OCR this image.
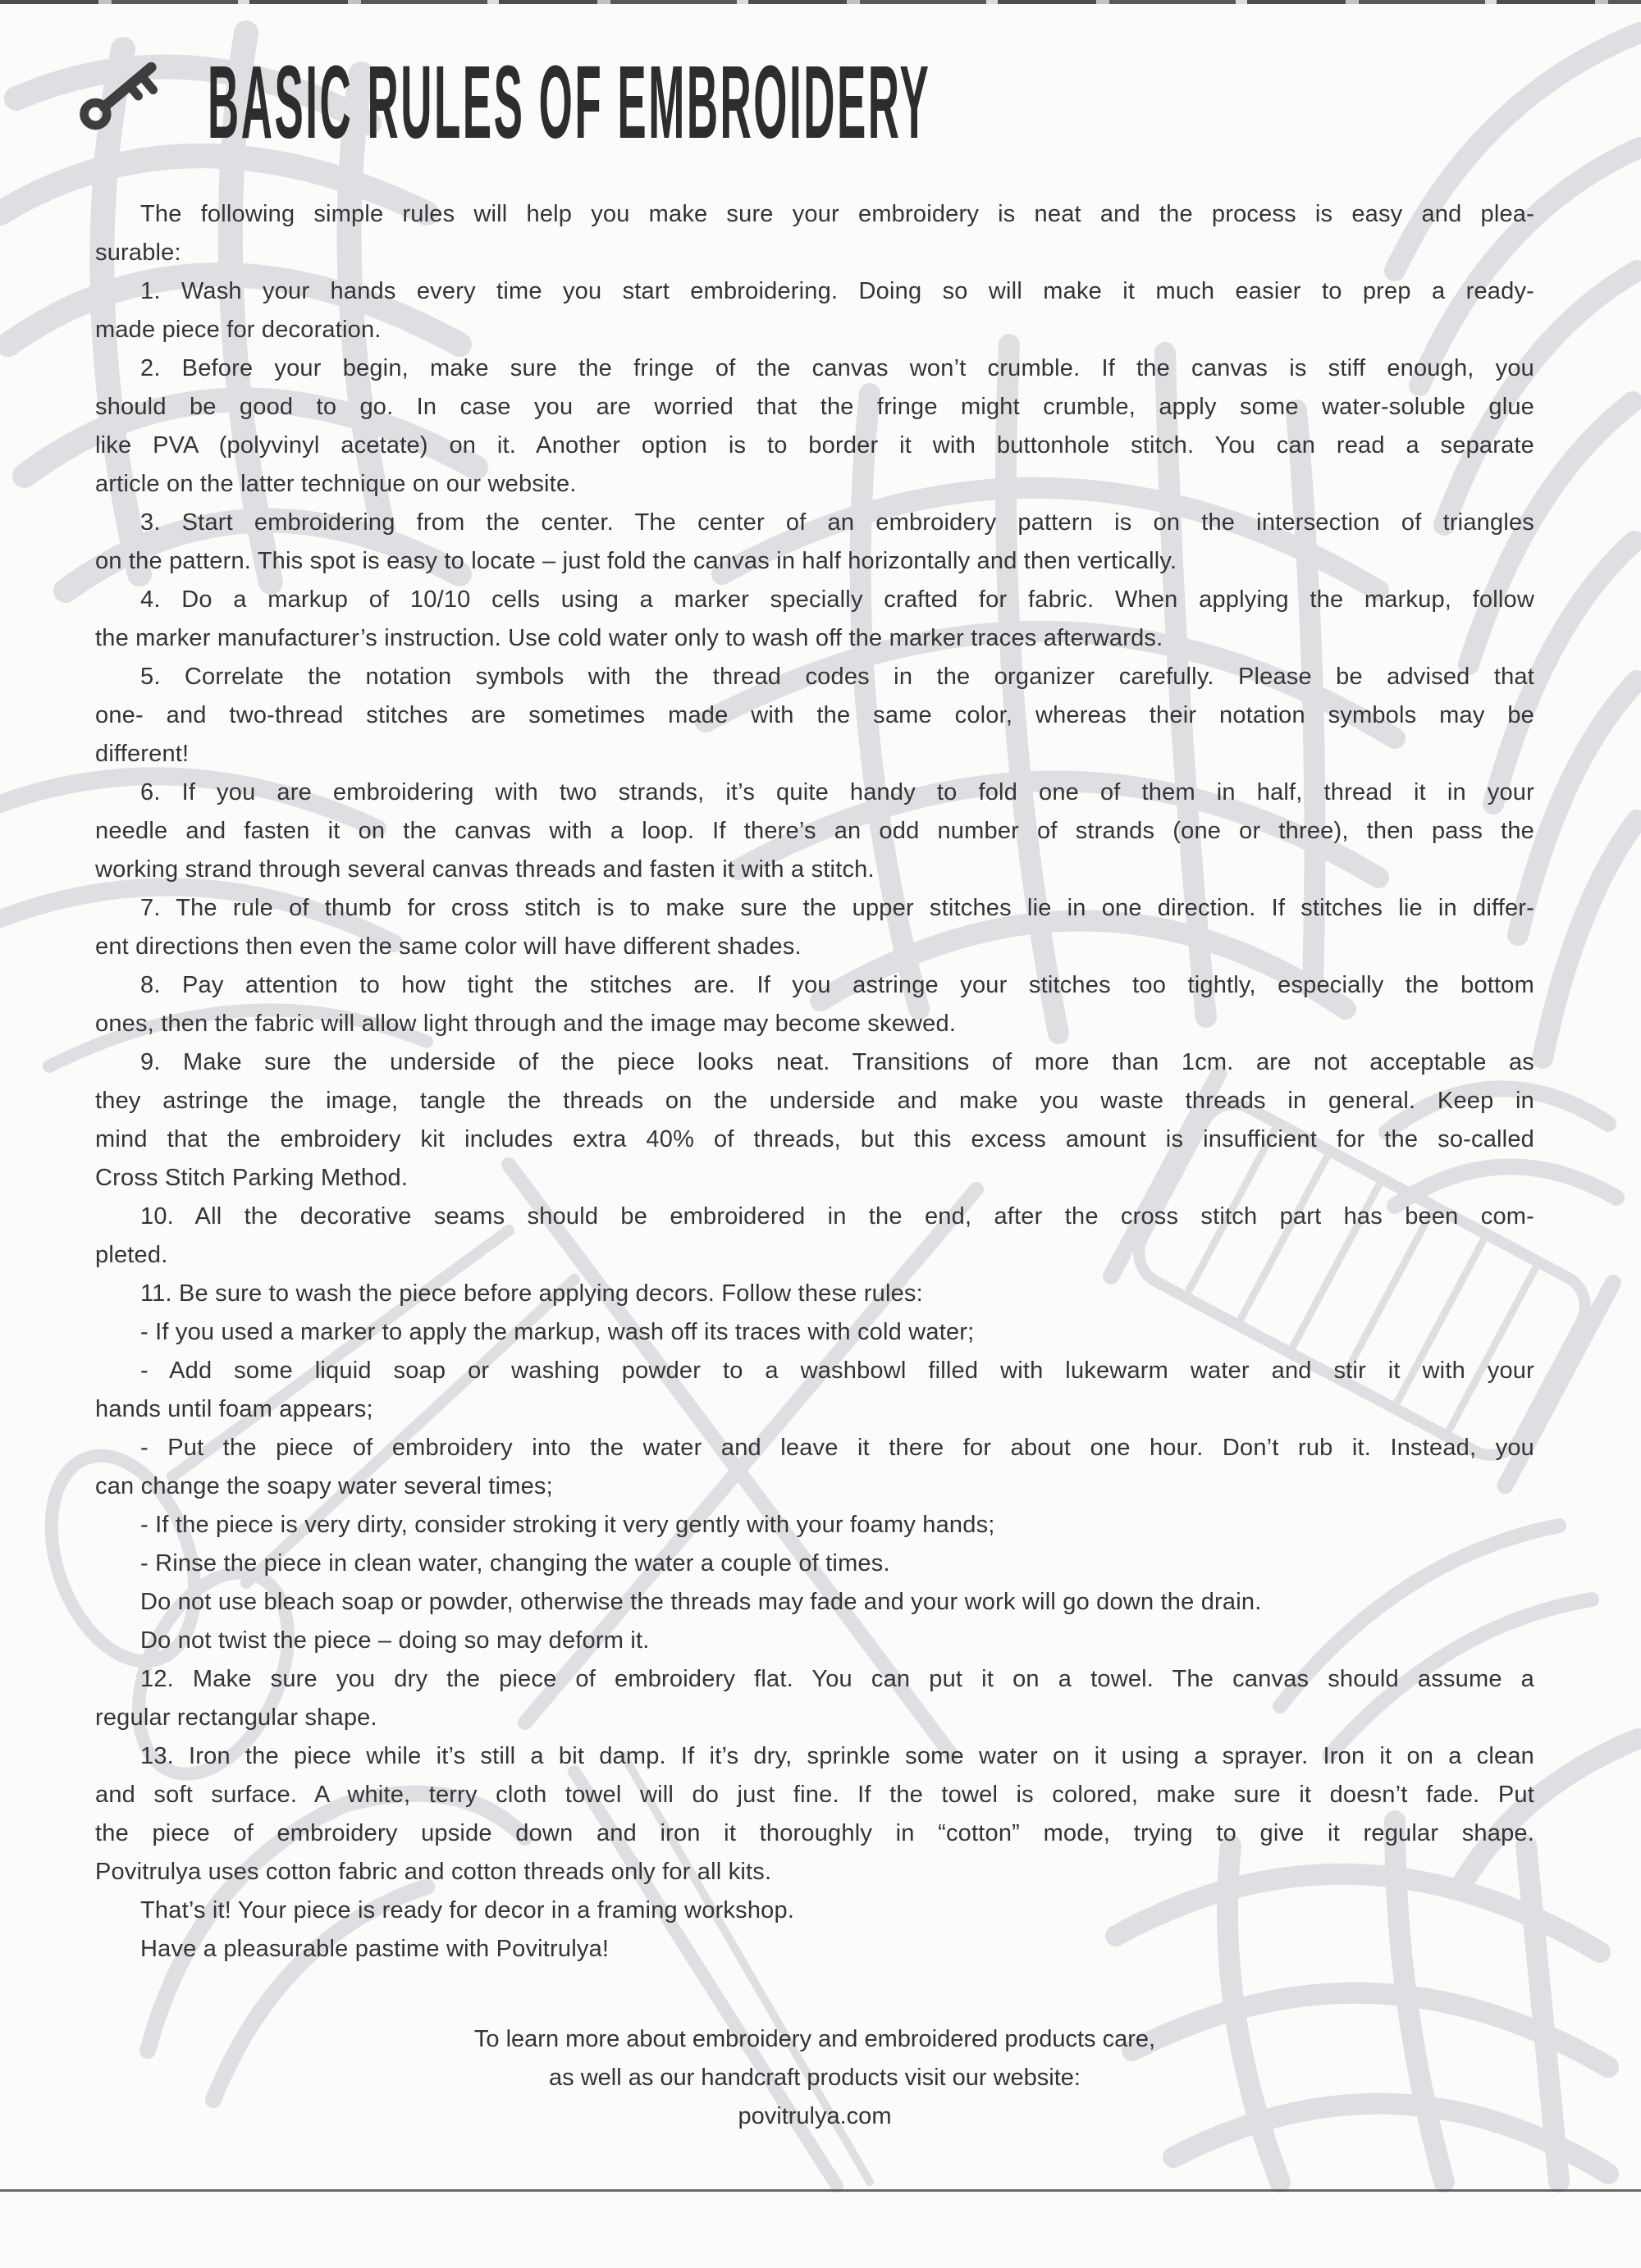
BASIC RULES OF EMBROIDERY
The following simple rules will help you make sure your embroidery is neat and the process is easy and plea-
surable:
1. Wash your hands every time you start embroidering. Doing so will make it much easier to prep a ready-
made piece for decoration.
2. Before your begin, make sure the fringe of the canvas won’t crumble. If the canvas is stiff enough, you
should be good to go. In case you are worried that the fringe might crumble, apply some water-soluble glue
like PVA (polyvinyl acetate) on it. Another option is to border it with buttonhole stitch. You can read a separate
article on the latter technique on our website.
3. Start embroidering from the center. The center of an embroidery pattern is on the intersection of triangles
on the pattern. This spot is easy to locate – just fold the canvas in half horizontally and then vertically.
4. Do a markup of 10/10 cells using a marker specially crafted for fabric. When applying the markup, follow
the marker manufacturer’s instruction. Use cold water only to wash off the marker traces afterwards.
5. Correlate the notation symbols with the thread codes in the organizer carefully. Please be advised that
one- and two-thread stitches are sometimes made with the same color, whereas their notation symbols may be
different!
6. If you are embroidering with two strands, it’s quite handy to fold one of them in half, thread it in your
needle and fasten it on the canvas with a loop. If there’s an odd number of strands (one or three), then pass the
working strand through several canvas threads and fasten it with a stitch.
7. The rule of thumb for cross stitch is to make sure the upper stitches lie in one direction. If stitches lie in differ-
ent directions then even the same color will have different shades.
8. Pay attention to how tight the stitches are. If you astringe your stitches too tightly, especially the bottom
ones, then the fabric will allow light through and the image may become skewed.
9. Make sure the underside of the piece looks neat. Transitions of more than 1cm. are not acceptable as
they astringe the image, tangle the threads on the underside and make you waste threads in general. Keep in
mind that the embroidery kit includes extra 40% of threads, but this excess amount is insufficient for the so-called
Cross Stitch Parking Method.
10. All the decorative seams should be embroidered in the end, after the cross stitch part has been com-
pleted.
11. Be sure to wash the piece before applying decors. Follow these rules:
- If you used a marker to apply the markup, wash off its traces with cold water;
- Add some liquid soap or washing powder to a washbowl filled with lukewarm water and stir it with your
hands until foam appears;
- Put the piece of embroidery into the water and leave it there for about one hour. Don’t rub it. Instead, you
can change the soapy water several times;
- If the piece is very dirty, consider stroking it very gently with your foamy hands;
- Rinse the piece in clean water, changing the water a couple of times.
Do not use bleach soap or powder, otherwise the threads may fade and your work will go down the drain.
Do not twist the piece – doing so may deform it.
12. Make sure you dry the piece of embroidery flat. You can put it on a towel. The canvas should assume a
regular rectangular shape.
13. Iron the piece while it’s still a bit damp. If it’s dry, sprinkle some water on it using a sprayer. Iron it on a clean
and soft surface. A white, terry cloth towel will do just fine. If the towel is colored, make sure it doesn’t fade. Put
the piece of embroidery upside down and iron it thoroughly in “cotton” mode, trying to give it regular shape.
Povitrulya uses cotton fabric and cotton threads only for all kits.
That’s it! Your piece is ready for decor in a framing workshop.
Have a pleasurable pastime with Povitrulya!
To learn more about embroidery and embroidered products care,
as well as our handcraft products visit our website:
povitrulya.com
